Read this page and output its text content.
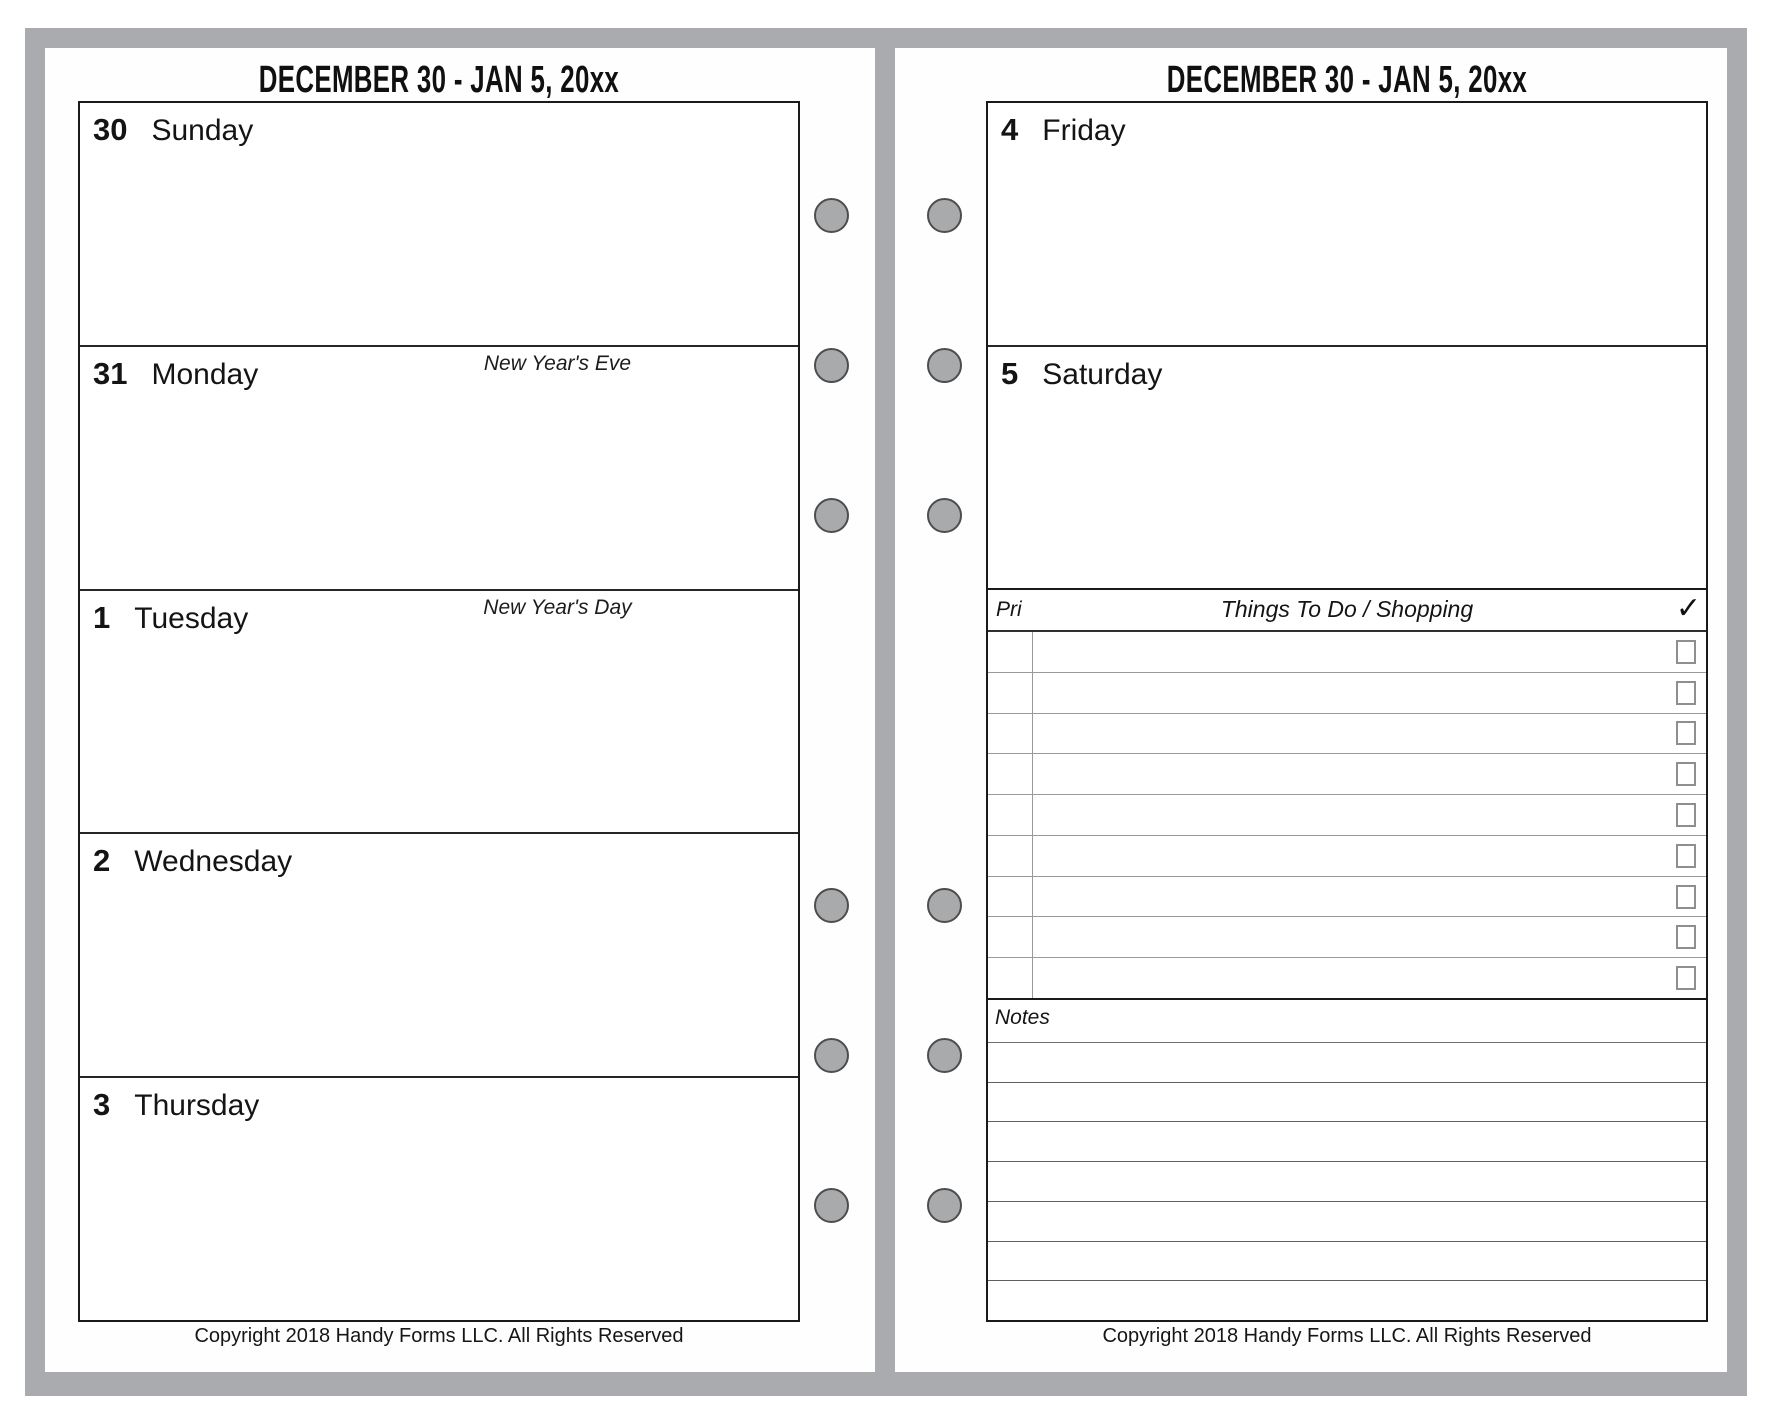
DECEMBER 30 - JAN 5, 20xx
30 Sunday
31 Monday	New Year's Eve
1 Tuesday	New Year's Day
2 Wednesday
3 Thursday
Copyright 2018 Handy Forms LLC. All Rights Reserved
DECEMBER 30 - JAN 5, 20xx
4 Friday
5 Saturday
Pri	Things To Do / Shopping	✓
Notes
Copyright 2018 Handy Forms LLC. All Rights Reserved
